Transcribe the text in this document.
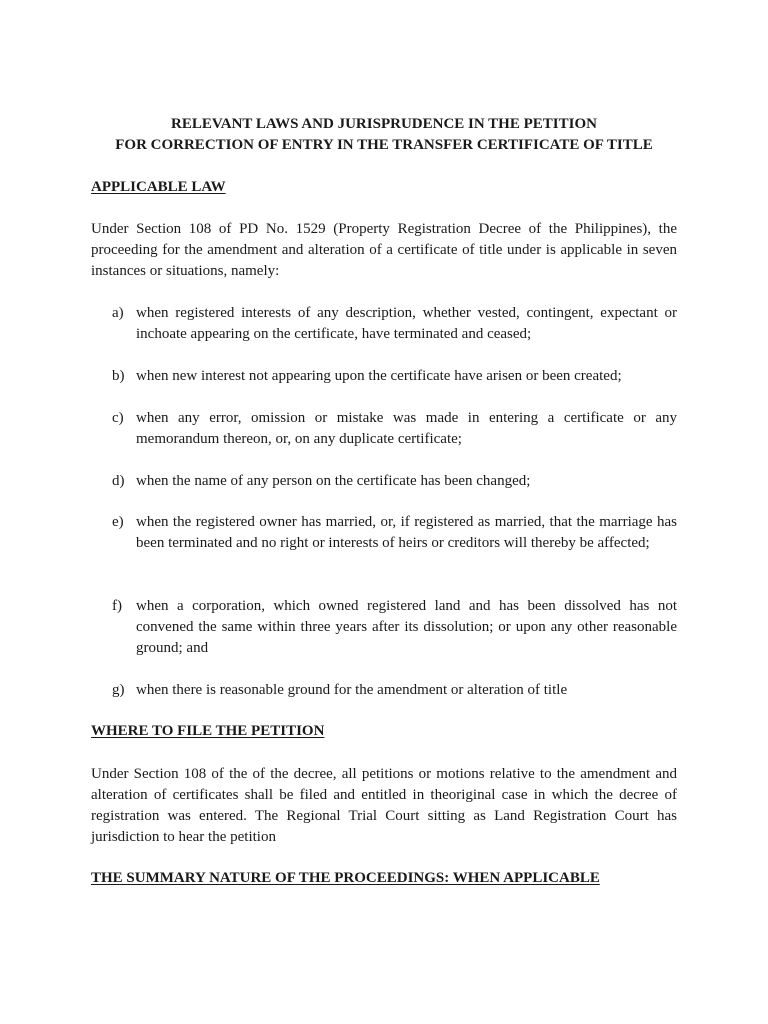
RELEVANT LAWS AND JURISPRUDENCE IN THE PETITION
FOR CORRECTION OF ENTRY IN THE TRANSFER CERTIFICATE OF TITLE
APPLICABLE LAW
Under Section 108 of PD No. 1529 (Property Registration Decree of the Philippines), the proceeding for the amendment and alteration of a certificate of title under is applicable in seven instances or situations, namely:
a) when registered interests of any description, whether vested, contingent, expectant or inchoate appearing on the certificate, have terminated and ceased;
b) when new interest not appearing upon the certificate have arisen or been created;
c) when any error, omission or mistake was made in entering a certificate or any memorandum thereon, or, on any duplicate certificate;
d) when the name of any person on the certificate has been changed;
e) when the registered owner has married, or, if registered as married, that the marriage has been terminated and no right or interests of heirs or creditors will thereby be affected;
f) when a corporation, which owned registered land and has been dissolved has not convened the same within three years after its dissolution; or upon any other reasonable ground; and
g) when there is reasonable ground for the amendment or alteration of title
WHERE TO FILE THE PETITION
Under Section 108 of the of the decree, all petitions or motions relative to the amendment and alteration of certificates shall be filed and entitled in theoriginal case in which the decree of registration was entered. The Regional Trial Court sitting as Land Registration Court has jurisdiction to hear the petition
THE SUMMARY NATURE OF THE PROCEEDINGS: WHEN APPLICABLE
